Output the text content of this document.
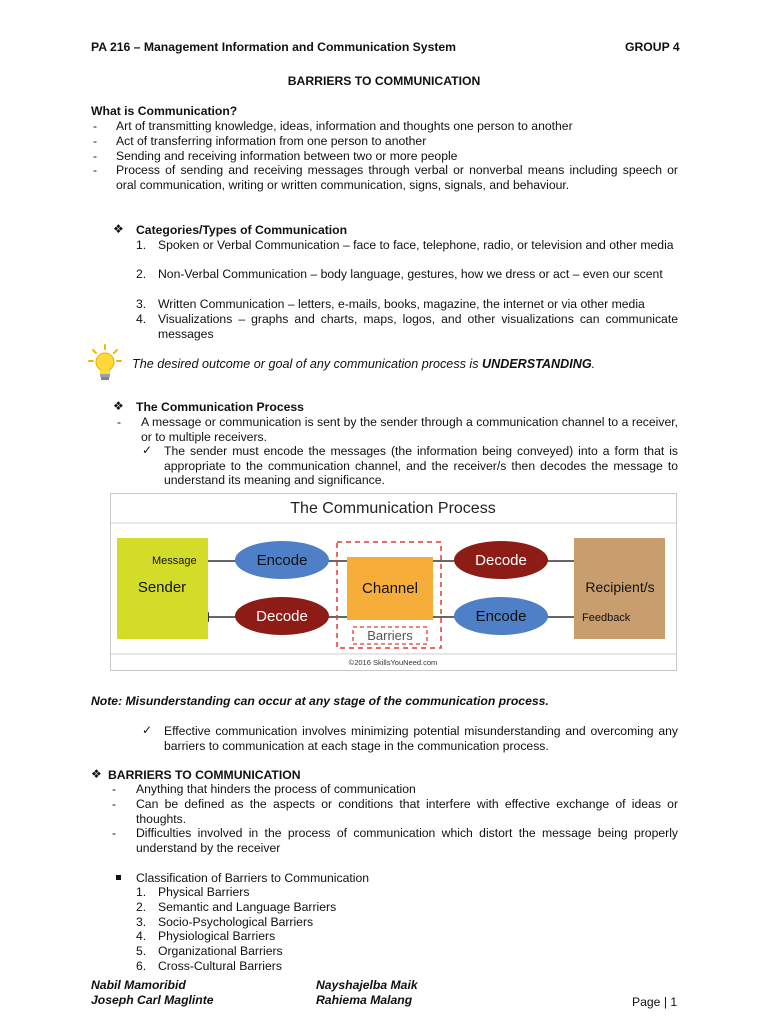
PA 216 – Management Information and Communication System	GROUP 4
BARRIERS TO COMMUNICATION
What is Communication?
- Art of transmitting knowledge, ideas, information and thoughts one person to another
- Act of transferring information from one person to another
- Sending and receiving information between two or more people
- Process of sending and receiving messages through verbal or nonverbal means including speech or oral communication, writing or written communication, signs, signals, and behaviour.
❖ Categories/Types of Communication
1. Spoken or Verbal Communication – face to face, telephone, radio, or television and other media
2. Non-Verbal Communication – body language, gestures, how we dress or act – even our scent
3. Written Communication – letters, e-mails, books, magazine, the internet or via other media
4. Visualizations – graphs and charts, maps, logos, and other visualizations can communicate messages
The desired outcome or goal of any communication process is UNDERSTANDING.
❖ The Communication Process
- A message or communication is sent by the sender through a communication channel to a receiver, or to multiple receivers.
✓ The sender must encode the messages (the information being conveyed) into a form that is appropriate to the communication channel, and the receiver/s then decodes the message to understand its meaning and significance.
The Communication Process
Sender
Message
Recipient/s
Feedback
Channel
Barriers
Encode	Decode
Decode	Encode
©2016 SkillsYouNeed.com
Note: Misunderstanding can occur at any stage of the communication process.
✓ Effective communication involves minimizing potential misunderstanding and overcoming any barriers to communication at each stage in the communication process.
❖ BARRIERS TO COMMUNICATION
- Anything that hinders the process of communication
- Can be defined as the aspects or conditions that interfere with effective exchange of ideas or thoughts.
- Difficulties involved in the process of communication which distort the message being properly understand by the receiver
Classification of Barriers to Communication
1. Physical Barriers
2. Semantic and Language Barriers
3. Socio-Psychological Barriers
4. Physiological Barriers
5. Organizational Barriers
6. Cross-Cultural Barriers
Nabil Mamoribid
Joseph Carl Maglinte
Nayshajelba Maik
Rahiema Malang	Page | 1
